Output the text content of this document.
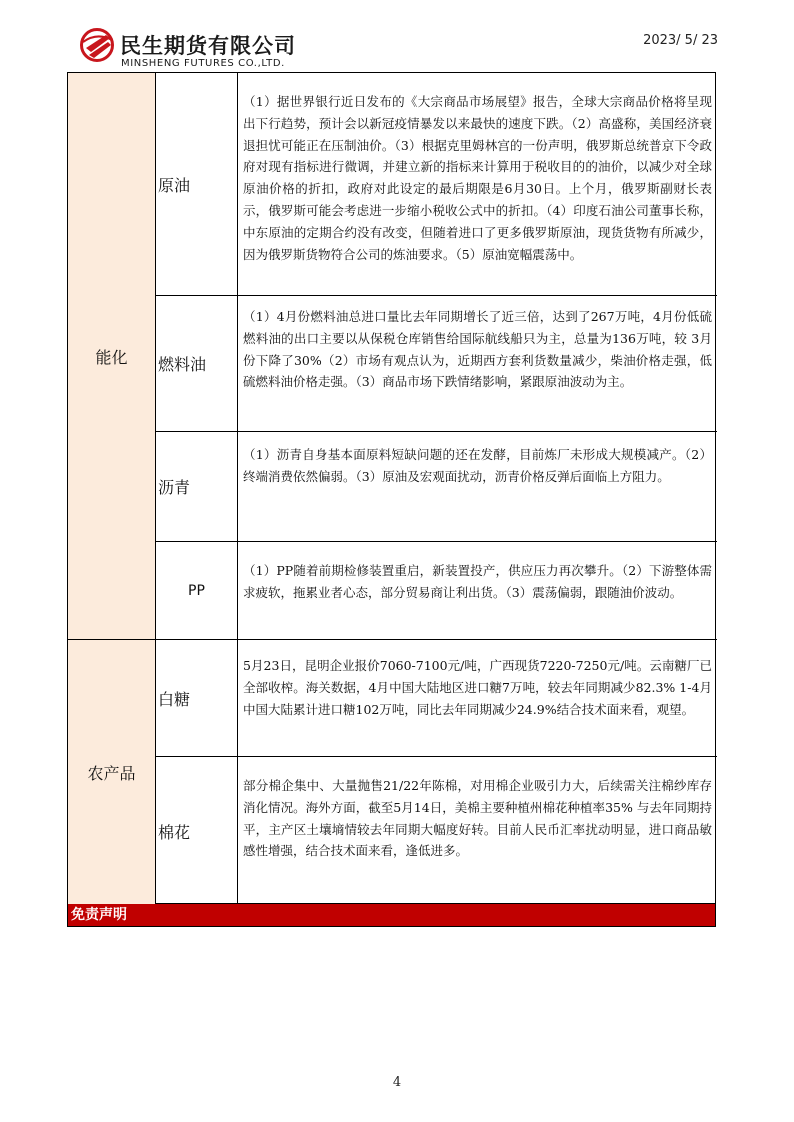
民生期货有限公司
MINSHENG FUTURES CO.,LTD.
2023/ 5/ 23
能化
原油
（1）据世界银行近日发布的《大宗商品市场展望》报告，全球大宗商品价格将呈现出下行趋势，预计会以新冠疫情暴发以来最快的速度下跌。（2）高盛称，美国经济衰退担忧可能正在压制油价。（3）根据克里姆林宫的一份声明，俄罗斯总统普京下令政府对现有指标进行微调，并建立新的指标来计算用于税收目的的油价，以减少对全球原油价格的折扣，政府对此设定的最后期限是6月30日。上个月，俄罗斯副财长表示，俄罗斯可能会考虑进一步缩小税收公式中的折扣。（4）印度石油公司董事长称，中东原油的定期合约没有改变，但随着进口了更多俄罗斯原油，现货货物有所减少，因为俄罗斯货物符合公司的炼油要求。（5）原油宽幅震荡中。
燃料油
（1）4月份燃料油总进口量比去年同期增长了近三倍，达到了267万吨，4月份低硫燃料油的出口主要以从保税仓库销售给国际航线船只为主，总量为136万吨，较 3月份下降了30%（2）市场有观点认为，近期西方套利货数量减少，柴油价格走强，低硫燃料油价格走强。（3）商品市场下跌情绪影响，紧跟原油波动为主。
沥青
（1）沥青自身基本面原料短缺问题的还在发酵，目前炼厂未形成大规模减产。（2）终端消费依然偏弱。（3）原油及宏观面扰动，沥青价格反弹后面临上方阻力。
PP
（1）PP随着前期检修装置重启，新装置投产，供应压力再次攀升。（2）下游整体需求疲软，拖累业者心态，部分贸易商让利出货。（3）震荡偏弱，跟随油价波动。
农产品
白糖
5月23日，昆明企业报价7060-7100元/吨，广西现货7220-7250元/吨。云南糖厂已全部收榨。海关数据，4月中国大陆地区进口糖7万吨，较去年同期减少82.3% 1-4月中国大陆累计进口糖102万吨，同比去年同期减少24.9%结合技术面来看，观望。
棉花
部分棉企集中、大量抛售21/22年陈棉，对用棉企业吸引力大，后续需关注棉纱库存消化情况。海外方面，截至5月14日，美棉主要种植州棉花种植率35% 与去年同期持平，主产区土壤墒情较去年同期大幅度好转。目前人民币汇率扰动明显，进口商品敏感性增强，结合技术面来看，逢低进多。
免责声明
4
